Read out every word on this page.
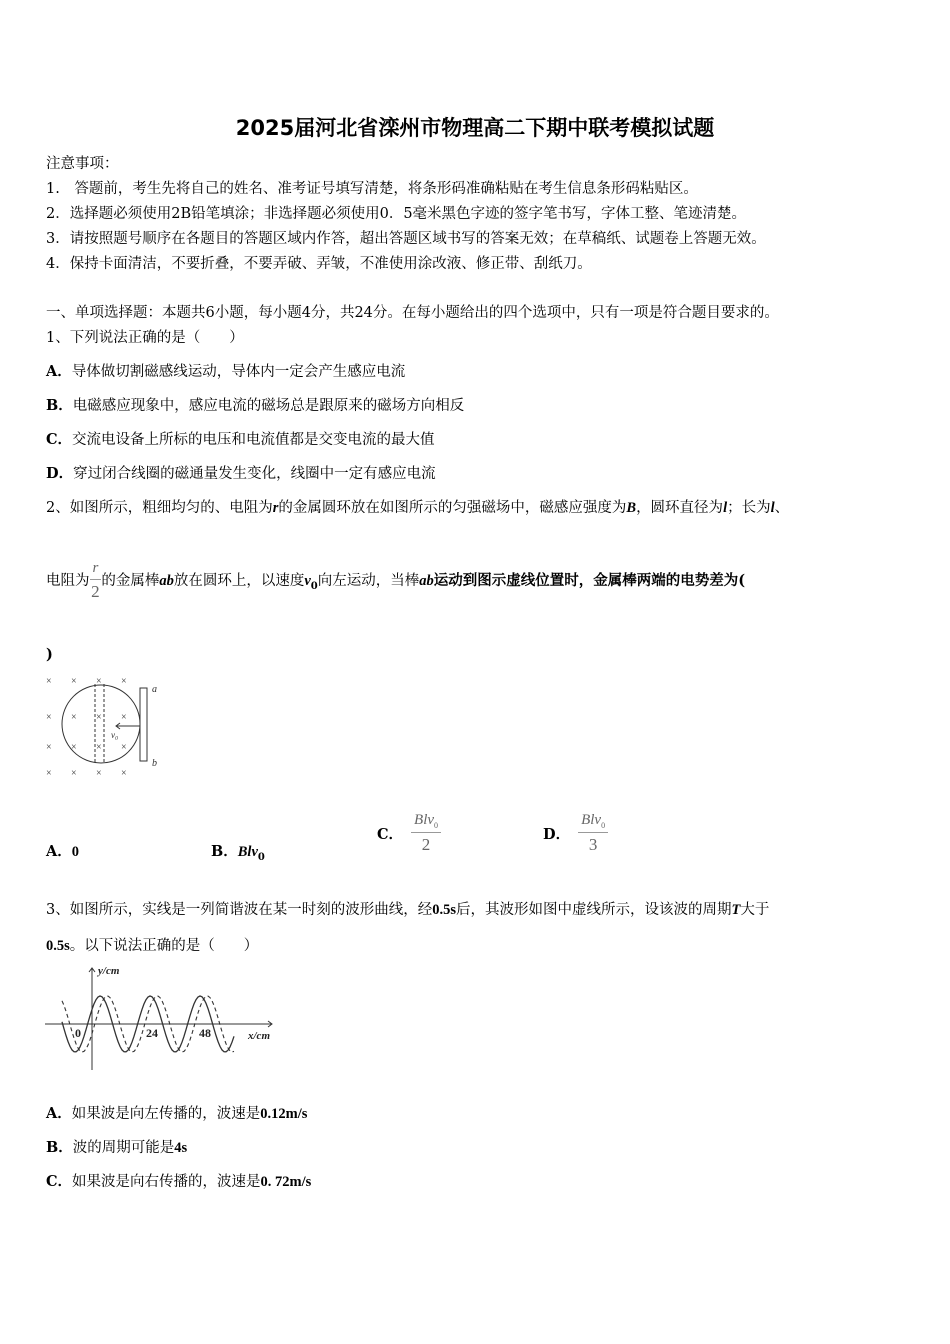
2025届河北省滦州市物理高二下期中联考模拟试题
注意事项：
1.　答题前，考生先将自己的姓名、准考证号填写清楚，将条形码准确粘贴在考生信息条形码粘贴区。
2．选择题必须使用2B铅笔填涂；非选择题必须使用0．5毫米黑色字迹的签字笔书写，字体工整、笔迹清楚。
3．请按照题号顺序在各题目的答题区域内作答，超出答题区域书写的答案无效；在草稿纸、试题卷上答题无效。
4．保持卡面清洁，不要折叠，不要弄破、弄皱，不准使用涂改液、修正带、刮纸刀。
一、单项选择题：本题共6小题，每小题4分，共24分。在每小题给出的四个选项中，只有一项是符合题目要求的。
1、下列说法正确的是（　　）
A．导体做切割磁感线运动，导体内一定会产生感应电流
B．电磁感应现象中，感应电流的磁场总是跟原来的磁场方向相反
C．交流电设备上所标的电压和电流值都是交变电流的最大值
D．穿过闭合线圈的磁通量发生变化，线圈中一定有感应电流
2、如图所示，粗细均匀的、电阻为r的金属圆环放在如图所示的匀强磁场中，磁感应强度为B，圆环直径为l；长为l、
电阻为 $\frac{r}{2}$ 的金属棒ab放在圆环上，以速度$v_0$向左运动，当棒ab运动到图示虚线位置时，金属棒两端的电势差为(
)
× × × ×
× × × ×
× × × ×
× × × ×
a
b
v₀
A．0	B．Blv$_0$
C． $\frac{Blv_0}{2}$	D． $\frac{Blv_0}{3}$
3、如图所示，实线是一列简谐波在某一时刻的波形曲线，经0.5s后，其波形如图中虚线所示，设该波的周期T大于
0.5s。以下说法正确的是（　　）
y/cm
x/cm
0	24	48
A．如果波是向左传播的，波速是0.12m/s
B．波的周期可能是4s
C．如果波是向右传播的，波速是0. 72m/s
